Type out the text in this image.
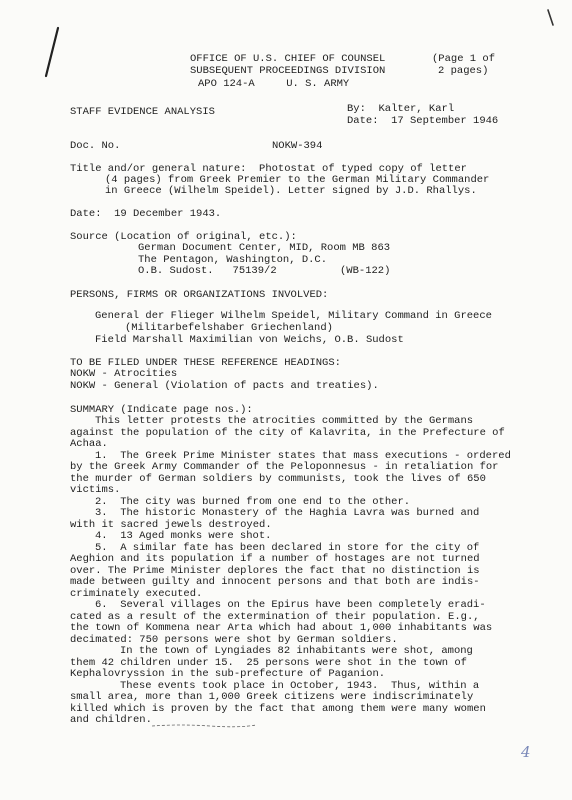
OFFICE OF U.S. CHIEF OF COUNSEL
SUBSEQUENT PROCEEDINGS DIVISION
APO 124-A     U. S. ARMY
(Page 1 of
2 pages)
STAFF EVIDENCE ANALYSIS	By:  Kalter, Karl
Date:  17 September 1946
Doc. No.	NOKW-394
Title and/or general nature:  Photostat of typed copy of letter
(4 pages) from Greek Premier to the German Military Commander
in Greece (Wilhelm Speidel). Letter signed by J.D. Rhallys.
Date:  19 December 1943.
Source (Location of original, etc.):
German Document Center, MID, Room MB 863
The Pentagon, Washington, D.C.
O.B. Sudost.   75139/2	(WB-122)
PERSONS, FIRMS OR ORGANIZATIONS INVOLVED:
General der Flieger Wilhelm Speidel, Military Command in Greece
(Militarbefelshaber Griechenland)
Field Marshall Maximilian von Weichs, O.B. Sudost
TO BE FILED UNDER THESE REFERENCE HEADINGS:
NOKW - Atrocities
NOKW - General (Violation of pacts and treaties).
SUMMARY (Indicate page nos.):
This letter protests the atrocities committed by the Germans
against the population of the city of Kalavrita, in the Prefecture of
Achaa.
1.  The Greek Prime Minister states that mass executions - ordered
by the Greek Army Commander of the Peloponnesus - in retaliation for
the murder of German soldiers by communists, took the lives of 650
victims.
2.  The city was burned from one end to the other.
3.  The historic Monastery of the Haghia Lavra was burned and
with it sacred jewels destroyed.
4.  13 Aged monks were shot.
5.  A similar fate has been declared in store for the city of
Aeghion and its population if a number of hostages are not turned
over. The Prime Minister deplores the fact that no distinction is
made between guilty and innocent persons and that both are indis-
criminately executed.
6.  Several villages on the Epirus have been completely eradi-
cated as a result of the extermination of their population. E.g.,
the town of Kommena near Arta which had about 1,000 inhabitants was
decimated: 750 persons were shot by German soldiers.
In the town of Lyngiades 82 inhabitants were shot, among
them 42 children under 15.  25 persons were shot in the town of
Kephalovryssion in the sub-prefecture of Paganion.
These events took place in October, 1943.  Thus, within a
small area, more than 1,000 Greek citizens were indiscriminately
killed which is proven by the fact that among them were many women
and children.
4
